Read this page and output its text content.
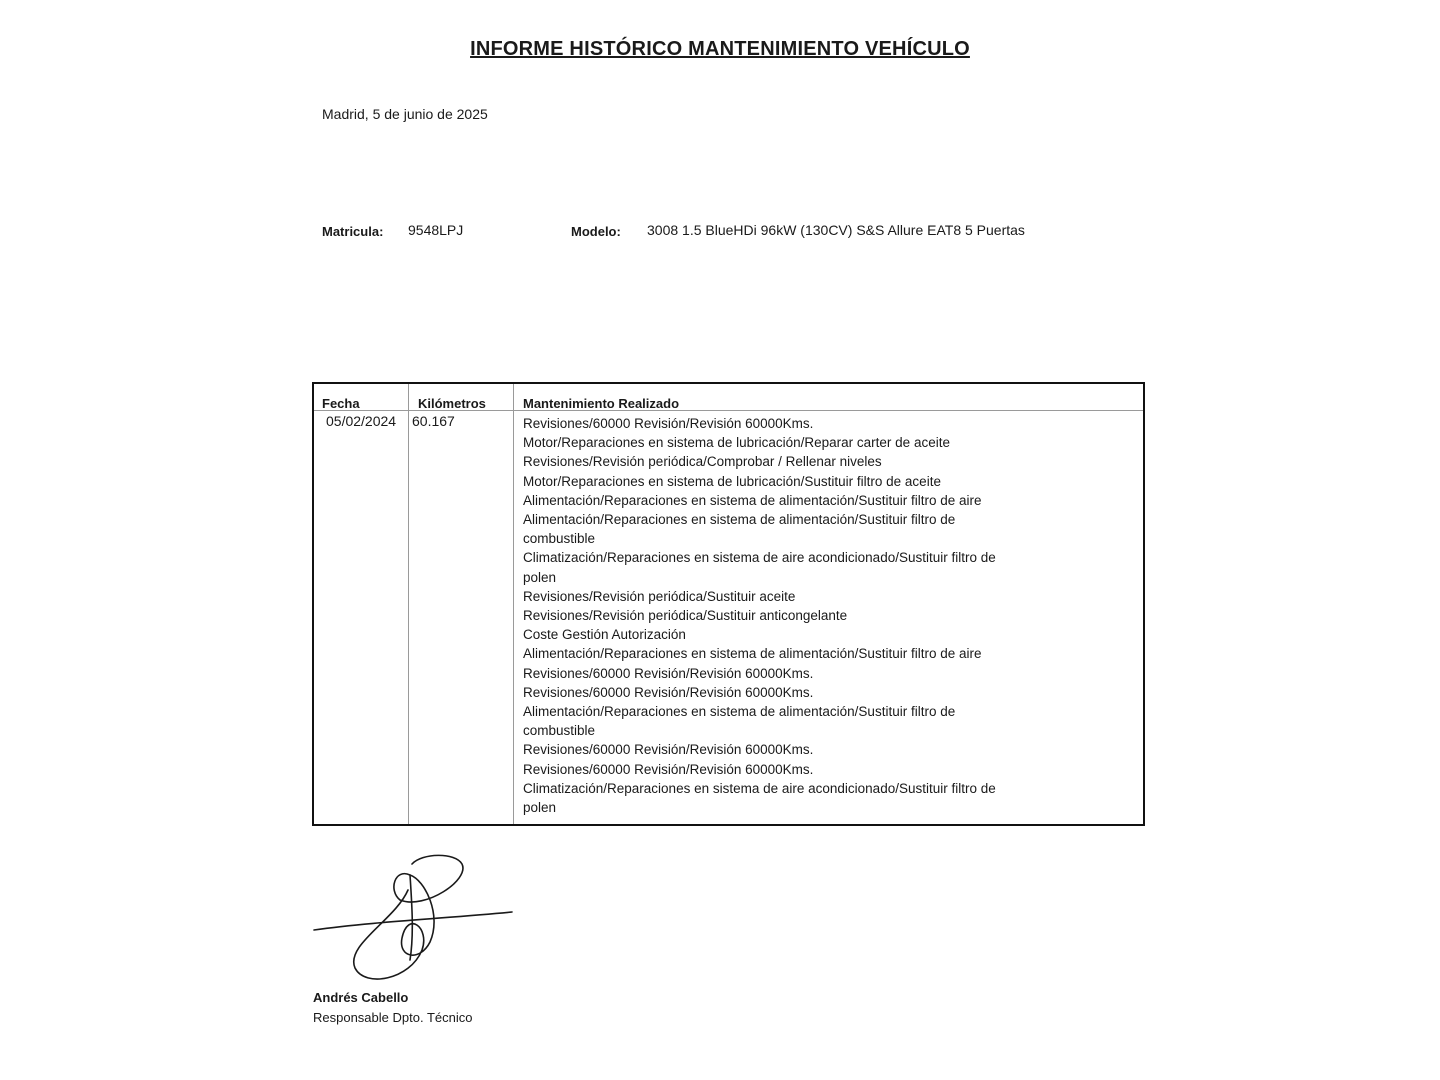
INFORME HISTÓRICO MANTENIMIENTO VEHÍCULO
Madrid, 5 de junio de 2025
Matricula: 9548LPJ	Modelo: 3008 1.5 BlueHDi 96kW (130CV) S&S Allure EAT8 5 Puertas
Fecha	Kilómetros	Mantenimiento Realizado
05/02/2024 60.167	Revisiones/60000 Revisión/Revisión 60000Kms.
Motor/Reparaciones en sistema de lubricación/Reparar carter de aceite
Revisiones/Revisión periódica/Comprobar / Rellenar niveles
Motor/Reparaciones en sistema de lubricación/Sustituir filtro de aceite
Alimentación/Reparaciones en sistema de alimentación/Sustituir filtro de aire
Alimentación/Reparaciones en sistema de alimentación/Sustituir filtro de
combustible
Climatización/Reparaciones en sistema de aire acondicionado/Sustituir filtro de
polen
Revisiones/Revisión periódica/Sustituir aceite
Revisiones/Revisión periódica/Sustituir anticongelante
Coste Gestión Autorización
Alimentación/Reparaciones en sistema de alimentación/Sustituir filtro de aire
Revisiones/60000 Revisión/Revisión 60000Kms.
Revisiones/60000 Revisión/Revisión 60000Kms.
Alimentación/Reparaciones en sistema de alimentación/Sustituir filtro de
combustible
Revisiones/60000 Revisión/Revisión 60000Kms.
Revisiones/60000 Revisión/Revisión 60000Kms.
Climatización/Reparaciones en sistema de aire acondicionado/Sustituir filtro de
polen
Andrés Cabello
Responsable Dpto. Técnico
